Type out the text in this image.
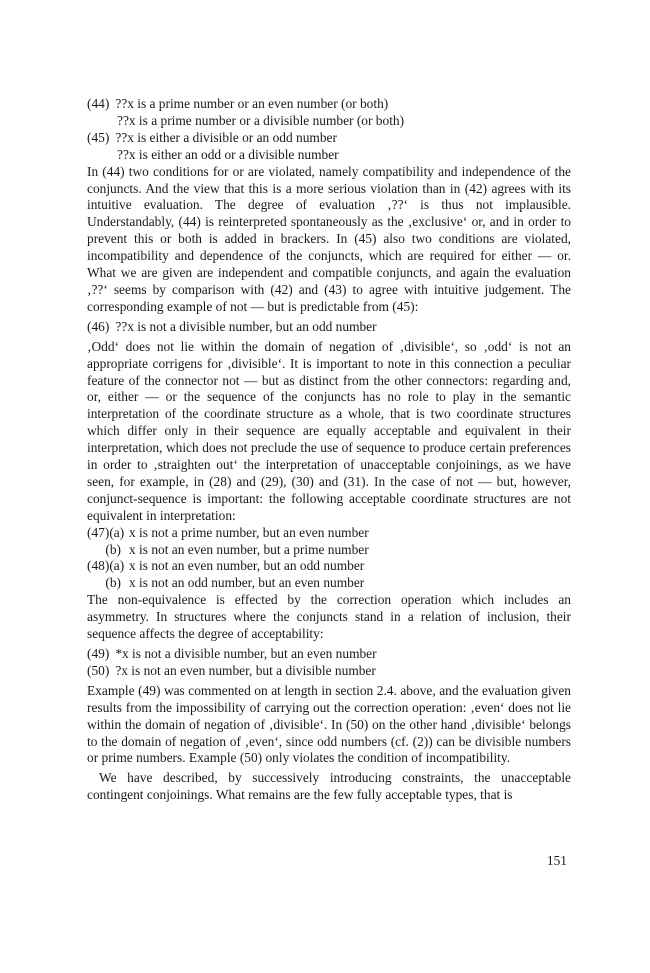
(44) ??x is a prime number or an even number (or both)
??x is a prime number or a divisible number (or both)
(45) ??x is either a divisible or an odd number
??x is either an odd or a divisible number

In (44) two conditions for or are violated, namely compatibility and independence of the conjuncts. And the view that this is a more serious violation than in (42) agrees with its intuitive evaluation. The degree of evaluation ‚??‘ is thus not implausible. Understandably, (44) is reinterpreted spontaneously as the ‚exclusive‘ or, and in order to prevent this or both is added in brackers. In (45) also two conditions are violated, incompatibility and dependence of the conjuncts, which are required for either — or. What we are given are independent and compatible conjuncts, and again the evaluation ‚??‘ seems by comparison with (42) and (43) to agree with intuitive judgement. The corresponding example of not — but is predictable from (45):

(46) ??x is not a divisible number, but an odd number

‚Odd‘ does not lie within the domain of negation of ‚divisible‘, so ‚odd‘ is not an appropriate corrigens for ‚divisible‘. It is important to note in this connection a peculiar feature of the connector not — but as distinct from the other connectors: regarding and, or, either — or the sequence of the conjuncts has no role to play in the semantic interpretation of the coordinate structure as a whole, that is two coordinate structures which differ only in their sequence are equally acceptable and equivalent in their interpretation, which does not preclude the use of sequence to produce certain preferences in order to ‚straighten out‘ the interpretation of unacceptable conjoinings, as we have seen, for example, in (28) and (29), (30) and (31). In the case of not — but, however, conjunct-sequence is important: the following acceptable coordinate structures are not equivalent in interpretation:

(47)(a) x is not a prime number, but an even number
(b) x is not an even number, but a prime number
(48)(a) x is not an even number, but an odd number
(b) x is not an odd number, but an even number

The non-equivalence is effected by the correction operation which includes an asymmetry. In structures where the conjuncts stand in a relation of inclusion, their sequence affects the degree of acceptability:

(49) *x is not a divisible number, but an even number
(50) ?x is not an even number, but a divisible number

Example (49) was commented on at length in section 2.4. above, and the evaluation given results from the impossibility of carrying out the correction operation: ‚even‘ does not lie within the domain of negation of ‚divisible‘. In (50) on the other hand ‚divisible‘ belongs to the domain of negation of ‚even‘, since odd numbers (cf. (2)) can be divisible numbers or prime numbers. Example (50) only violates the condition of incompatibility.

We have described, by successively introducing constraints, the unacceptable contingent conjoinings. What remains are the few fully acceptable types, that is

151
